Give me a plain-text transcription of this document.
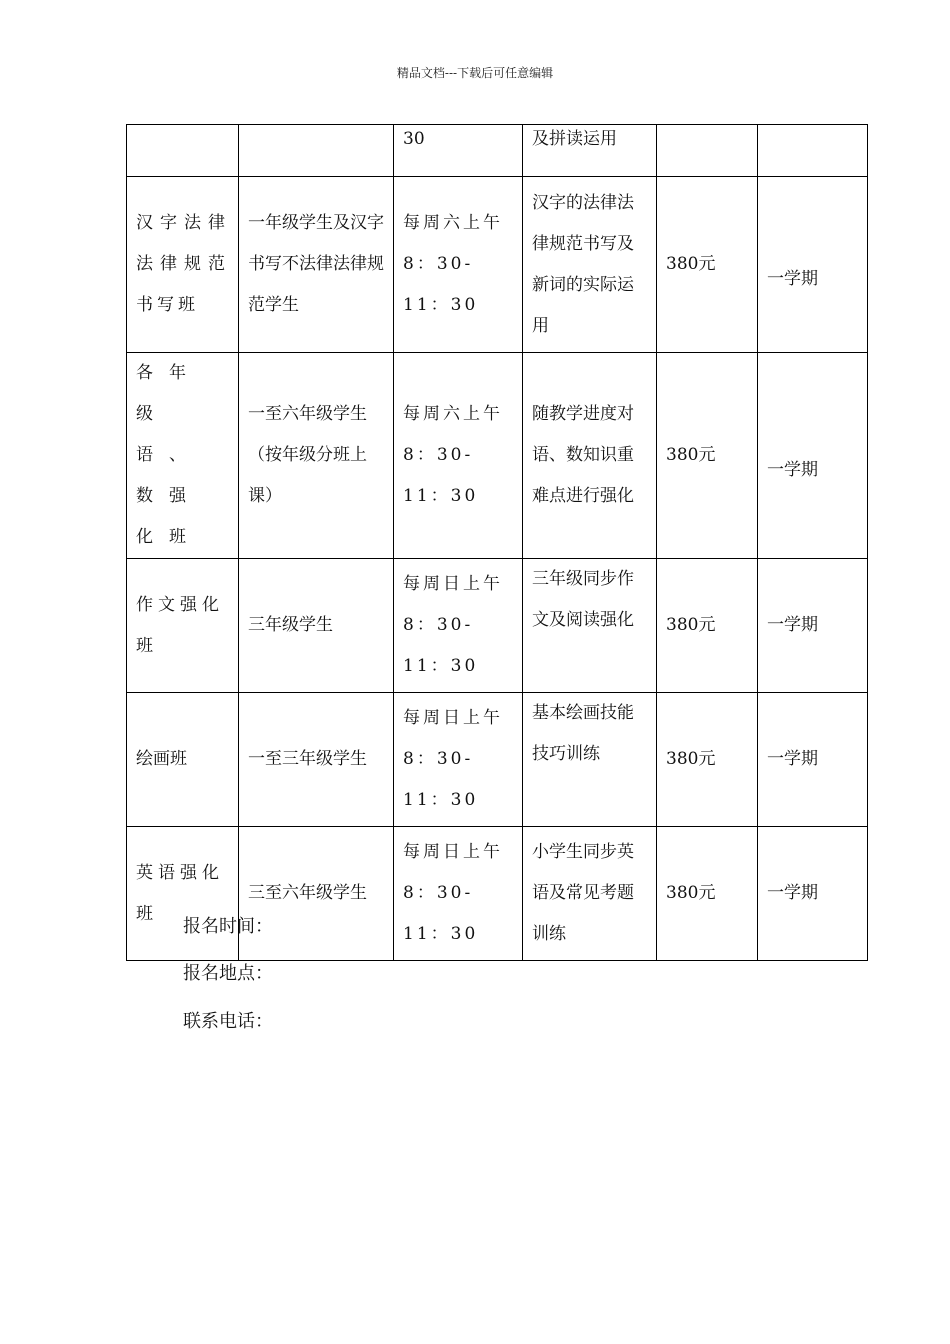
精品文档---下载后可任意编辑
		30	及拼读运用		
汉字法律法律规范书写班	一年级学生及汉字书写不法律法律规范学生	每周六上午8：30-11：30	汉字的法律法律规范书写及新词的实际运用	380元	一学期
各年级语、数强化班	一至六年级学生（按年级分班上课）	每周六上午8：30-11：30	随教学进度对语、数知识重难点进行强化	380元	一学期
作文强化班	三年级学生	每周日上午8：30-11：30	三年级同步作文及阅读强化	380元	一学期
绘画班	一至三年级学生	每周日上午8：30-11：30	基本绘画技能技巧训练	380元	一学期
英语强化班	三至六年级学生	每周日上午8：30-11：30	小学生同步英语及常见考题训练	380元	一学期
报名时间：
报名地点：
联系电话：
